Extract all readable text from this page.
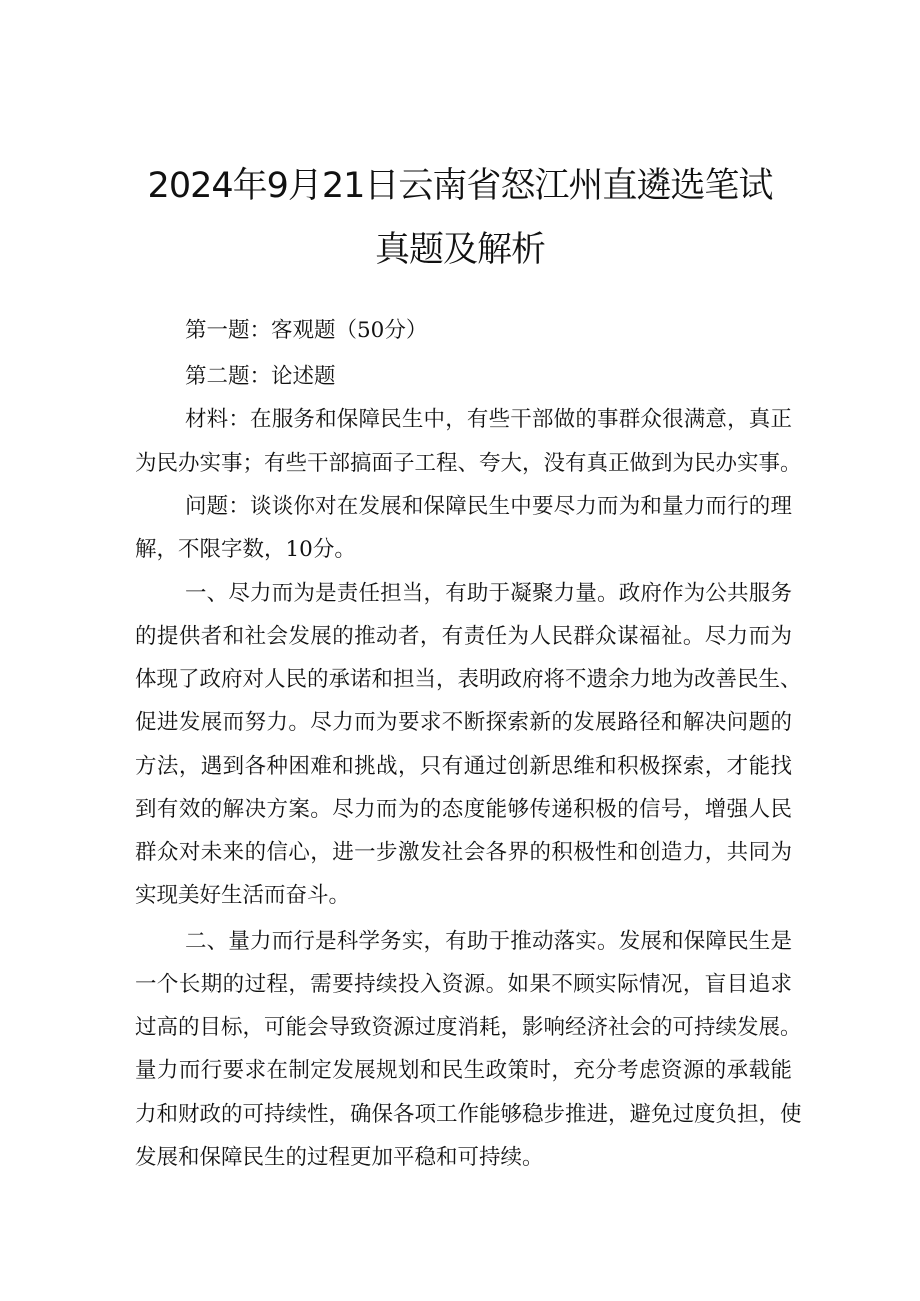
2024年9月21日云南省怒江州直遴选笔试
真题及解析
第一题：客观题（50分）
第二题：论述题
材料：在服务和保障民生中，有些干部做的事群众很满意，真正
为民办实事；有些干部搞面子工程、夸大，没有真正做到为民办实事。
问题：谈谈你对在发展和保障民生中要尽力而为和量力而行的理
解，不限字数，10分。
一、尽力而为是责任担当，有助于凝聚力量。政府作为公共服务
的提供者和社会发展的推动者，有责任为人民群众谋福祉。尽力而为
体现了政府对人民的承诺和担当，表明政府将不遗余力地为改善民生、
促进发展而努力。尽力而为要求不断探索新的发展路径和解决问题的
方法，遇到各种困难和挑战，只有通过创新思维和积极探索，才能找
到有效的解决方案。尽力而为的态度能够传递积极的信号，增强人民
群众对未来的信心，进一步激发社会各界的积极性和创造力，共同为
实现美好生活而奋斗。
二、量力而行是科学务实，有助于推动落实。发展和保障民生是
一个长期的过程，需要持续投入资源。如果不顾实际情况，盲目追求
过高的目标，可能会导致资源过度消耗，影响经济社会的可持续发展。
量力而行要求在制定发展规划和民生政策时，充分考虑资源的承载能
力和财政的可持续性，确保各项工作能够稳步推进，避免过度负担，使
发展和保障民生的过程更加平稳和可持续。
